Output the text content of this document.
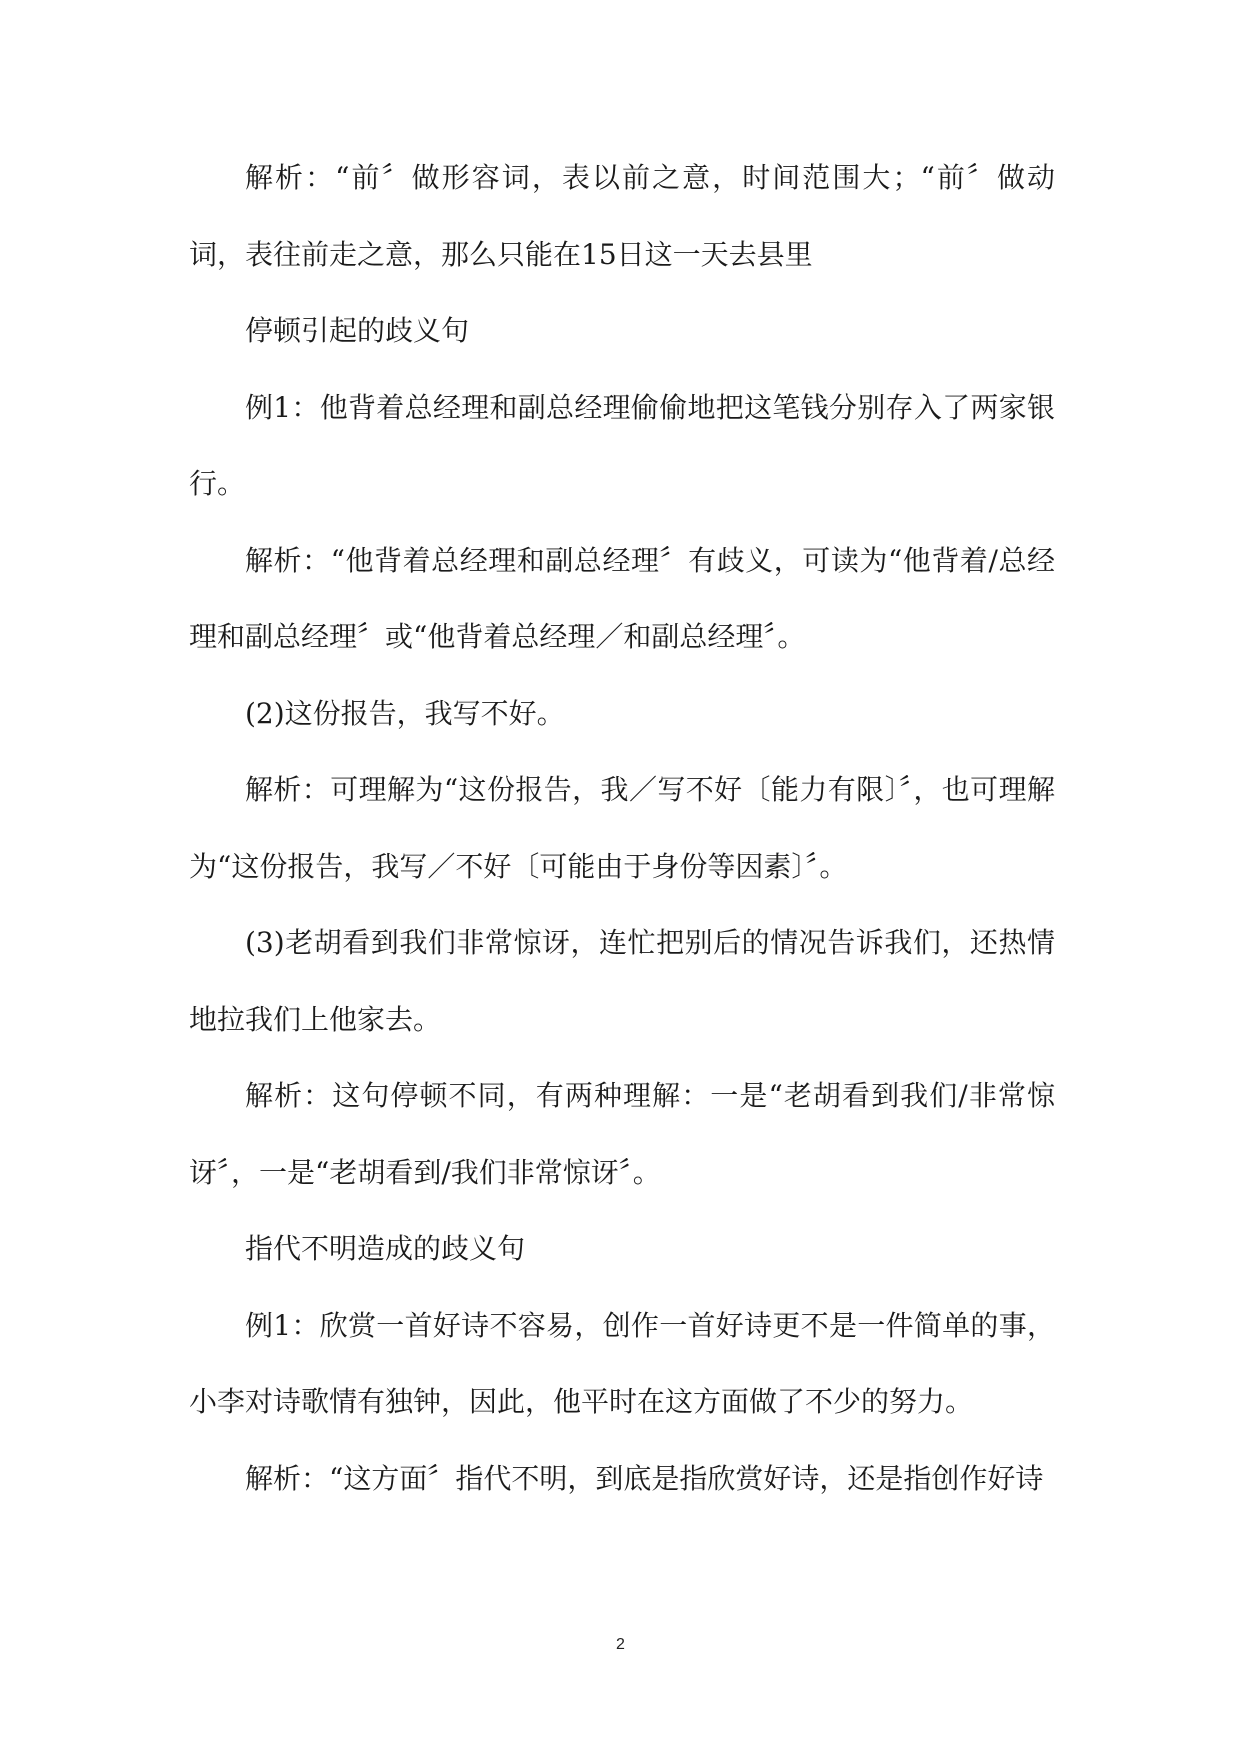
解析：“前〞做形容词，表以前之意，时间范围大；“前〞做动词，表往前走之意，那么只能在15日这一天去县里

停顿引起的歧义句

例1：他背着总经理和副总经理偷偷地把这笔钱分别存入了两家银行。

解析：“他背着总经理和副总经理〞有歧义，可读为“他背着/总经理和副总经理〞或“他背着总经理／和副总经理〞。

(2)这份报告，我写不好。

解析：可理解为“这份报告，我／写不好〔能力有限〕〞，也可理解为“这份报告，我写／不好〔可能由于身份等因素〕〞。

(3)老胡看到我们非常惊讶，连忙把别后的情况告诉我们，还热情地拉我们上他家去。

解析：这句停顿不同，有两种理解：一是“老胡看到我们/非常惊讶〞，一是“老胡看到/我们非常惊讶〞。

指代不明造成的歧义句

例1：欣赏一首好诗不容易，创作一首好诗更不是一件简单的事，小李对诗歌情有独钟，因此，他平时在这方面做了不少的努力。

解析：“这方面〞指代不明，到底是指欣赏好诗，还是指创作好诗

2
